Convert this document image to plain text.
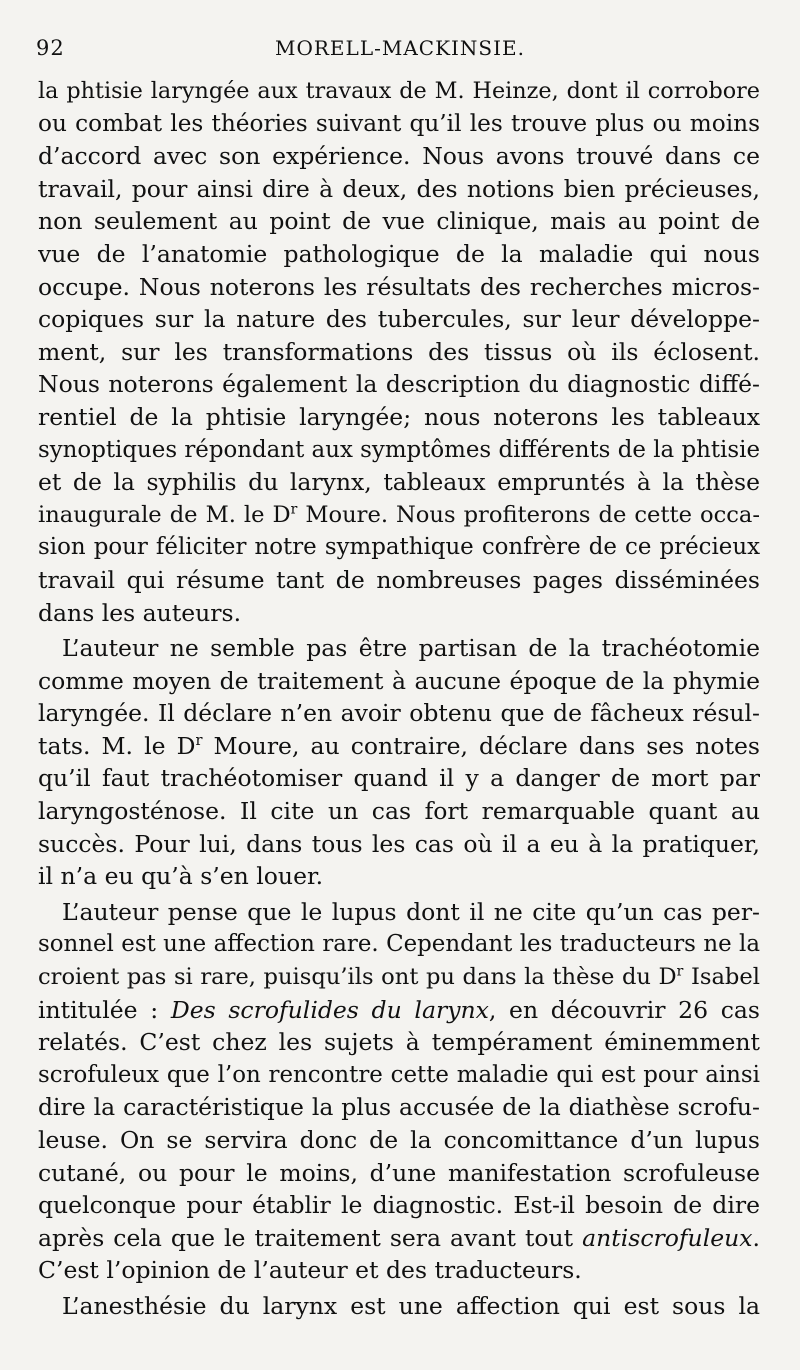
92	MORELL-MACKINSIE.
la phtisie laryngée aux travaux de M. Heinze, dont il corrobore
ou combat les théories suivant qu’il les trouve plus ou moins
d’accord avec son expérience. Nous avons trouvé dans ce
travail, pour ainsi dire à deux, des notions bien précieuses,
non seulement au point de vue clinique, mais au point de
vue de l’anatomie pathologique de la maladie qui nous
occupe. Nous noterons les résultats des recherches micros-
copiques sur la nature des tubercules, sur leur développe-
ment, sur les transformations des tissus où ils éclosent.
Nous noterons également la description du diagnostic diffé-
rentiel de la phtisie laryngée; nous noterons les tableaux
synoptiques répondant aux symptômes différents de la phtisie
et de la syphilis du larynx, tableaux empruntés à la thèse
inaugurale de M. le $D^r$ Moure. Nous profiterons de cette occa-
sion pour féliciter notre sympathique confrère de ce précieux
travail qui résume tant de nombreuses pages disséminées
dans les auteurs.
L’auteur ne semble pas être partisan de la trachéotomie
comme moyen de traitement à aucune époque de la phymie
laryngée. Il déclare n’en avoir obtenu que de fâcheux résul-
tats. M. le $D^r$ Moure, au contraire, déclare dans ses notes
qu’il faut trachéotomiser quand il y a danger de mort par
laryngosténose. Il cite un cas fort remarquable quant au
succès. Pour lui, dans tous les cas où il a eu à la pratiquer,
il n’a eu qu’à s’en louer.
L’auteur pense que le lupus dont il ne cite qu’un cas per-
sonnel est une affection rare. Cependant les traducteurs ne la
croient pas si rare, puisqu’ils ont pu dans la thèse du $D^r$ Isabel
intitulée : Des scrofulides du larynx, en découvrir 26 cas
relatés. C’est chez les sujets à tempérament éminemment
scrofuleux que l’on rencontre cette maladie qui est pour ainsi
dire la caractéristique la plus accusée de la diathèse scrofu-
leuse. On se servira donc de la concomittance d’un lupus
cutané, ou pour le moins, d’une manifestation scrofuleuse
quelconque pour établir le diagnostic. Est-il besoin de dire
après cela que le traitement sera avant tout antiscrofuleux.
C’est l’opinion de l’auteur et des traducteurs.
L’anesthésie du larynx est une affection qui est sous la
